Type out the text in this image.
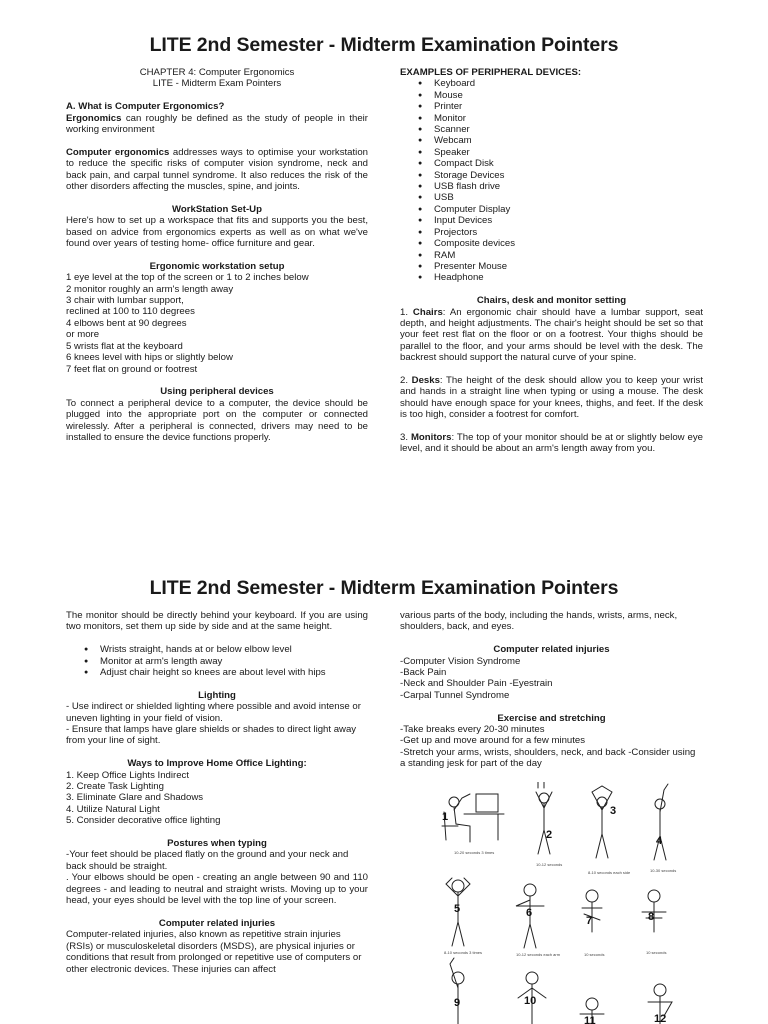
LITE 2nd Semester - Midterm Examination Pointers

CHAPTER 4: Computer Ergonomics

LITE - Midterm Exam Pointers

A. What is Computer Ergonomics?

Ergonomics can roughly be defined as the study of people in their working environment

Computer ergonomics addresses ways to optimise your workstation to reduce the specific risks of computer vision syndrome, neck and back pain, and carpal tunnel syndrome. It also reduces the risk of the other disorders affecting the muscles, spine, and joints.

WorkStation Set-Up

Here's how to set up a workspace that fits and supports you the best, based on advice from ergonomics experts as well as on what we've found over years of testing home- office furniture and gear.

Ergonomic workstation setup

1 eye level at the top of the screen or 1 to 2 inches below

2 monitor roughly an arm's length away

3 chair with lumbar support,

reclined at 100 to 110 degrees

4 elbows bent at 90 degrees

or more

5 wrists flat at the keyboard

6 knees level with hips or slightly below

7 feet flat on ground or footrest

Using peripheral devices

To connect a peripheral device to a computer, the device should be plugged into the appropriate port on the computer or connected wirelessly. After a peripheral is connected, drivers may need to be installed to ensure the device functions properly.

EXAMPLES OF PERIPHERAL DEVICES:

● Keyboard
● Mouse
● Printer
● Monitor
● Scanner
● Webcam
● Speaker
● Compact Disk
● Storage Devices
● USB flash drive
● USB
● Computer Display
● Input Devices
● Projectors
● Composite devices
● RAM
● Presenter Mouse
● Headphone

Chairs, desk and monitor setting

1. Chairs: An ergonomic chair should have a lumbar support, seat depth, and height adjustments. The chair's height should be set so that your feet rest flat on the floor or on a footrest. Your thighs should be parallel to the floor, and your arms should be level with the desk. The backrest should support the natural curve of your spine.

2. Desks: The height of the desk should allow you to keep your wrist and hands in a straight line when typing or using a mouse. The desk should have enough space for your knees, thighs, and feet. If the desk is too high, consider a footrest for comfort.

3. Monitors: The top of your monitor should be at or slightly below eye level, and it should be about an arm's length away from you.

LITE 2nd Semester - Midterm Examination Pointers

The monitor should be directly behind your keyboard. If you are using two monitors, set them up side by side and at the same height.

● Wrists straight, hands at or below elbow level
● Monitor at arm's length away
● Adjust chair height so knees are about level with hips

Lighting

- Use indirect or shielded lighting where possible and avoid intense or uneven lighting in your field of vision.

- Ensure that lamps have glare shields or shades to direct light away from your line of sight.

Ways to Improve Home Office Lighting:

1. Keep Office Lights Indirect

2. Create Task Lighting

3. Eliminate Glare and Shadows

4. Utilize Natural Light

5. Consider decorative office lighting

Postures when typing

-Your feet should be placed flatly on the ground and your neck and back should be straight.

. Your elbows should be open - creating an angle between 90 and 110 degrees - and leading to neutral and straight wrists. Moving up to your head, your eyes should be level with the top line of your screen.

Computer related injuries

Computer-related injuries, also known as repetitive strain injuries (RSIs) or musculoskeletal disorders (MSDS), are physical injuries or conditions that result from prolonged or repetitive use of computers or other electronic devices. These injuries can affect

various parts of the body, including the hands, wrists, arms, neck, shoulders, back, and eyes.

Computer related injuries

-Computer Vision Syndrome

-Back Pain

-Neck and Shoulder Pain -Eyestrain

-Carpal Tunnel Syndrome

Exercise and stretching

-Take breaks every 20-30 minutes

-Get up and move around for a few minutes

-Stretch your arms, wrists, shoulders, neck, and back -Consider using a standing jesk for part of the day

1
2
3
4
5	6
7	8
9	10
11	12
10-20 seconds 3 times
10-12 seconds
8-10 seconds each side	10-30 seconds
8-10 seconds 3 times	10-12 seconds each arm	10 seconds	10 seconds
